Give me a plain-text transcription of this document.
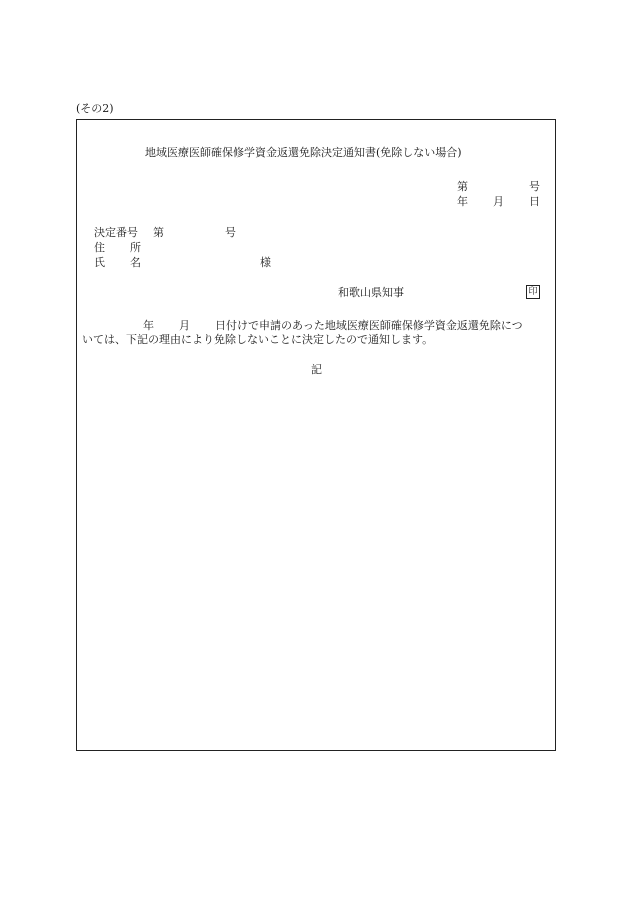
(その2)
地域医療医師確保修学資金返還免除決定通知書(免除しない場合)
第	号
年 月 日
決定番号 第	号
住 所
氏 名	様
和歌山県知事	印
年 月 日付けで申請のあった地域医療医師確保修学資金返還免除につ
いては、下記の理由により免除しないことに決定したので通知します。
記
